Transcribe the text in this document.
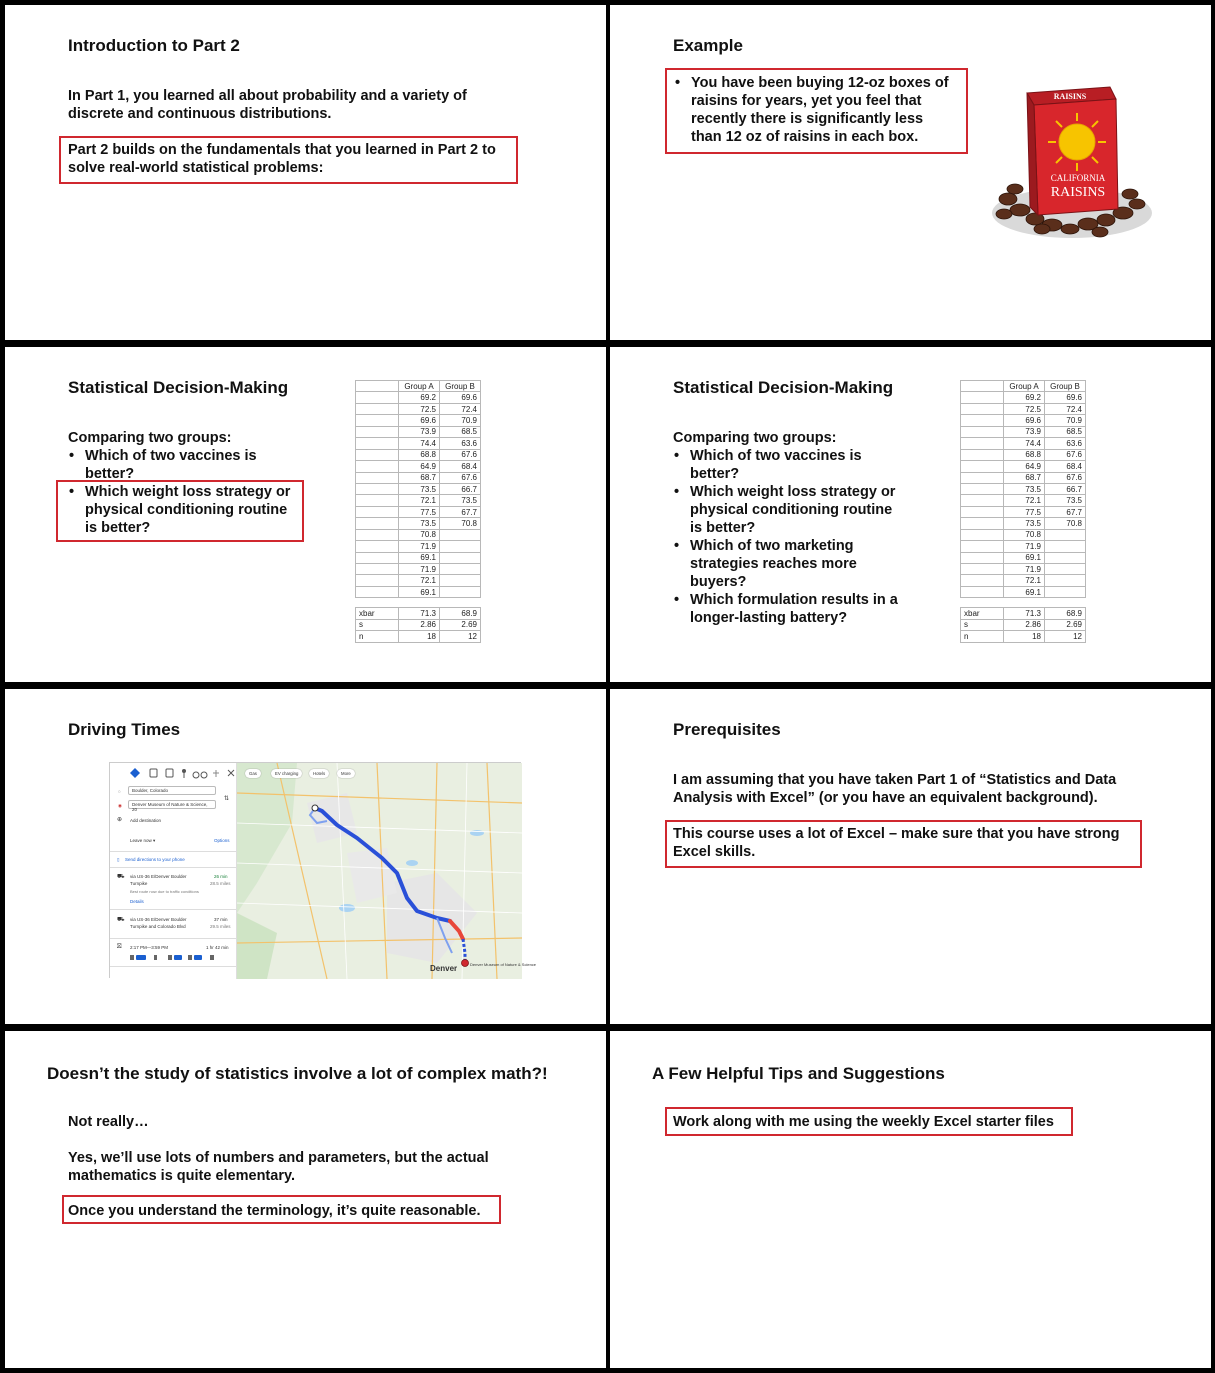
Introduction to Part 2
In Part 1, you learned all about probability and a variety of
discrete and continuous distributions.
Part 2 builds on the fundamentals that you learned in Part 2 to
solve real-world statistical problems:
Example
• You have been buying 12-oz boxes of
raisins for years, yet you feel that
recently there is significantly less
than 12 oz of raisins in each box.
RAISINS
CALIFORNIA
RAISINS
Statistical Decision-Making
Comparing two groups:
• Which of two vaccines is
better?
• Which weight loss strategy or
physical conditioning routine
is better?
	Group A	Group B
	69.2	69.6
	72.5	72.4
	69.6	70.9
	73.9	68.5
	74.4	63.6
	68.8	67.6
	64.9	68.4
	68.7	67.6
	73.5	66.7
	72.1	73.5
	77.5	67.7
	73.5	70.8
	70.8	
	71.9	
	69.1	
	71.9	
	72.1	
	69.1	

xbar	71.3	68.9
s	2.86	2.69
n	18	12
Statistical Decision-Making
Comparing two groups:
• Which of two vaccines is
better?
• Which weight loss strategy or
physical conditioning routine
is better?
• Which of two marketing
strategies reaches more
buyers?
• Which formulation results in a
longer-lasting battery?
	Group A	Group B
	69.2	69.6
	72.5	72.4
	69.6	70.9
	73.9	68.5
	74.4	63.6
	68.8	67.6
	64.9	68.4
	68.7	67.6
	73.5	66.7
	72.1	73.5
	77.5	67.7
	73.5	70.8
	70.8	
	71.9	
	69.1	
	71.9	
	72.1	
	69.1	

xbar	71.3	68.9
s	2.86	2.69
n	18	12
Driving Times
○	Boulder, Colorado
◉	Denver Museum of Nature & Science, 20
⇅
⊕ Add destination
Leave now ▾	Options
▯ Send directions to your phone
⛟ via US-36 E/Denver Boulder
Turnpike
Best route now due to traffic conditions
26 min
28.5 miles
Details
⛟ via US-36 E/Denver Boulder
Turnpike and Colorado Blvd
37 min
29.5 miles
⛝ 2:17 PM—3:59 PM	1 hr 42 min
Denver Museum of Nature & Science
Gas	EV charging	Hotels	More
Denver
Prerequisites
I am assuming that you have taken Part 1 of “Statistics and Data
Analysis with Excel” (or you have an equivalent background).
This course uses a lot of Excel – make sure that you have strong
Excel skills.
Doesn’t the study of statistics involve a lot of complex math?!
Not really…
Yes, we’ll use lots of numbers and parameters, but the actual
mathematics is quite elementary.
Once you understand the terminology, it’s quite reasonable.
A Few Helpful Tips and Suggestions
Work along with me using the weekly Excel starter files
